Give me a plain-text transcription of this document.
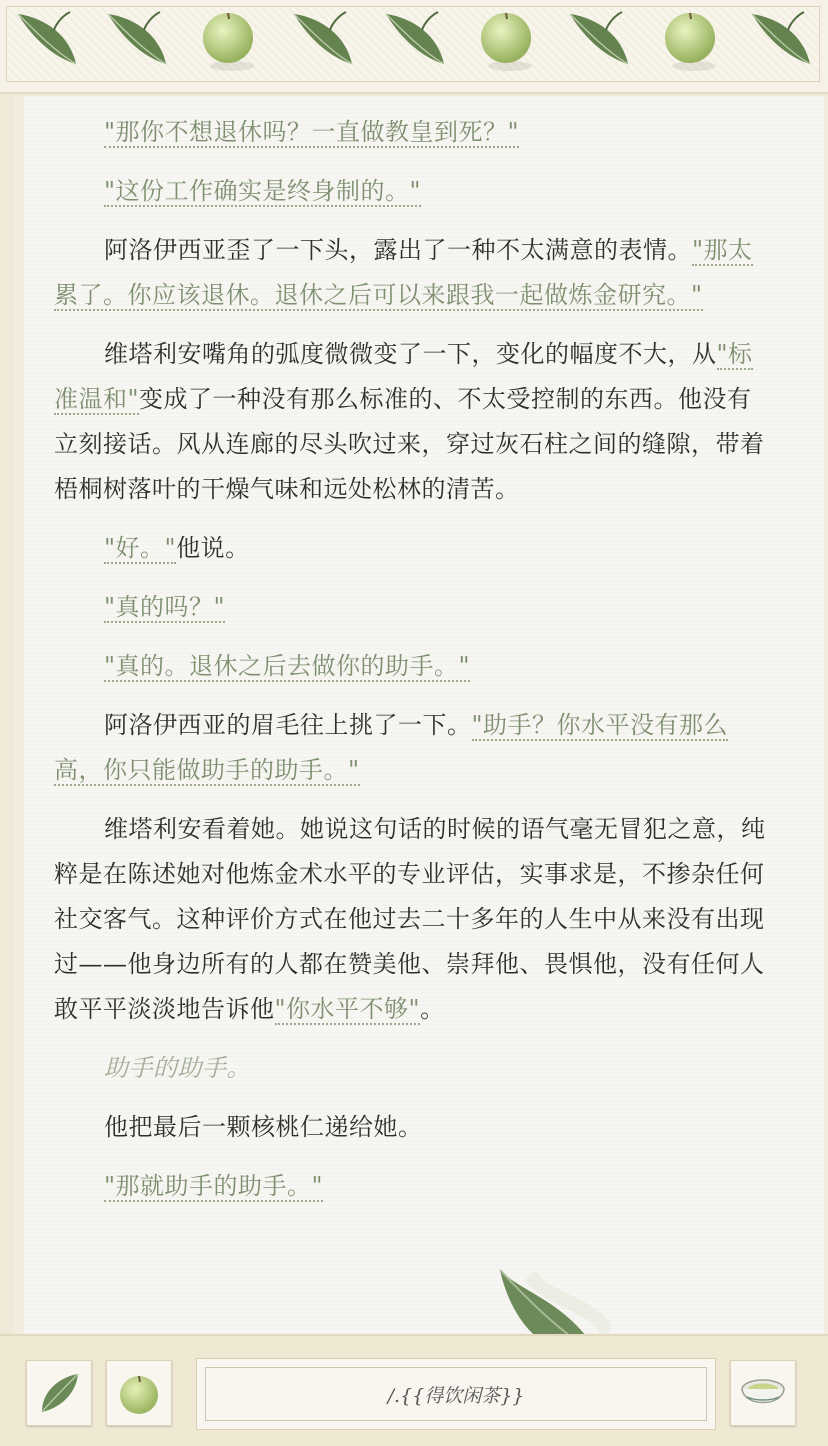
"那你不想退休吗？一直做教皇到死？"

"这份工作确实是终身制的。"

阿洛伊西亚歪了一下头，露出了一种不太满意的表情。"那太累了。你应该退休。退休之后可以来跟我一起做炼金研究。"

维塔利安嘴角的弧度微微变了一下，变化的幅度不大，从"标准温和"变成了一种没有那么标准的、不太受控制的东西。他没有立刻接话。风从连廊的尽头吹过来，穿过灰石柱之间的缝隙，带着梧桐树落叶的干燥气味和远处松林的清苦。

"好。"他说。

"真的吗？"

"真的。退休之后去做你的助手。"

阿洛伊西亚的眉毛往上挑了一下。"助手？你水平没有那么高，你只能做助手的助手。"

维塔利安看着她。她说这句话的时候的语气毫无冒犯之意，纯粹是在陈述她对他炼金术水平的专业评估，实事求是，不掺杂任何社交客气。这种评价方式在他过去二十多年的人生中从来没有出现过——他身边所有的人都在赞美他、崇拜他、畏惧他，没有任何人敢平平淡淡地告诉他"你水平不够"。

助手的助手。

他把最后一颗核桃仁递给她。

"那就助手的助手。"

/.{{得饮闲茶}}
